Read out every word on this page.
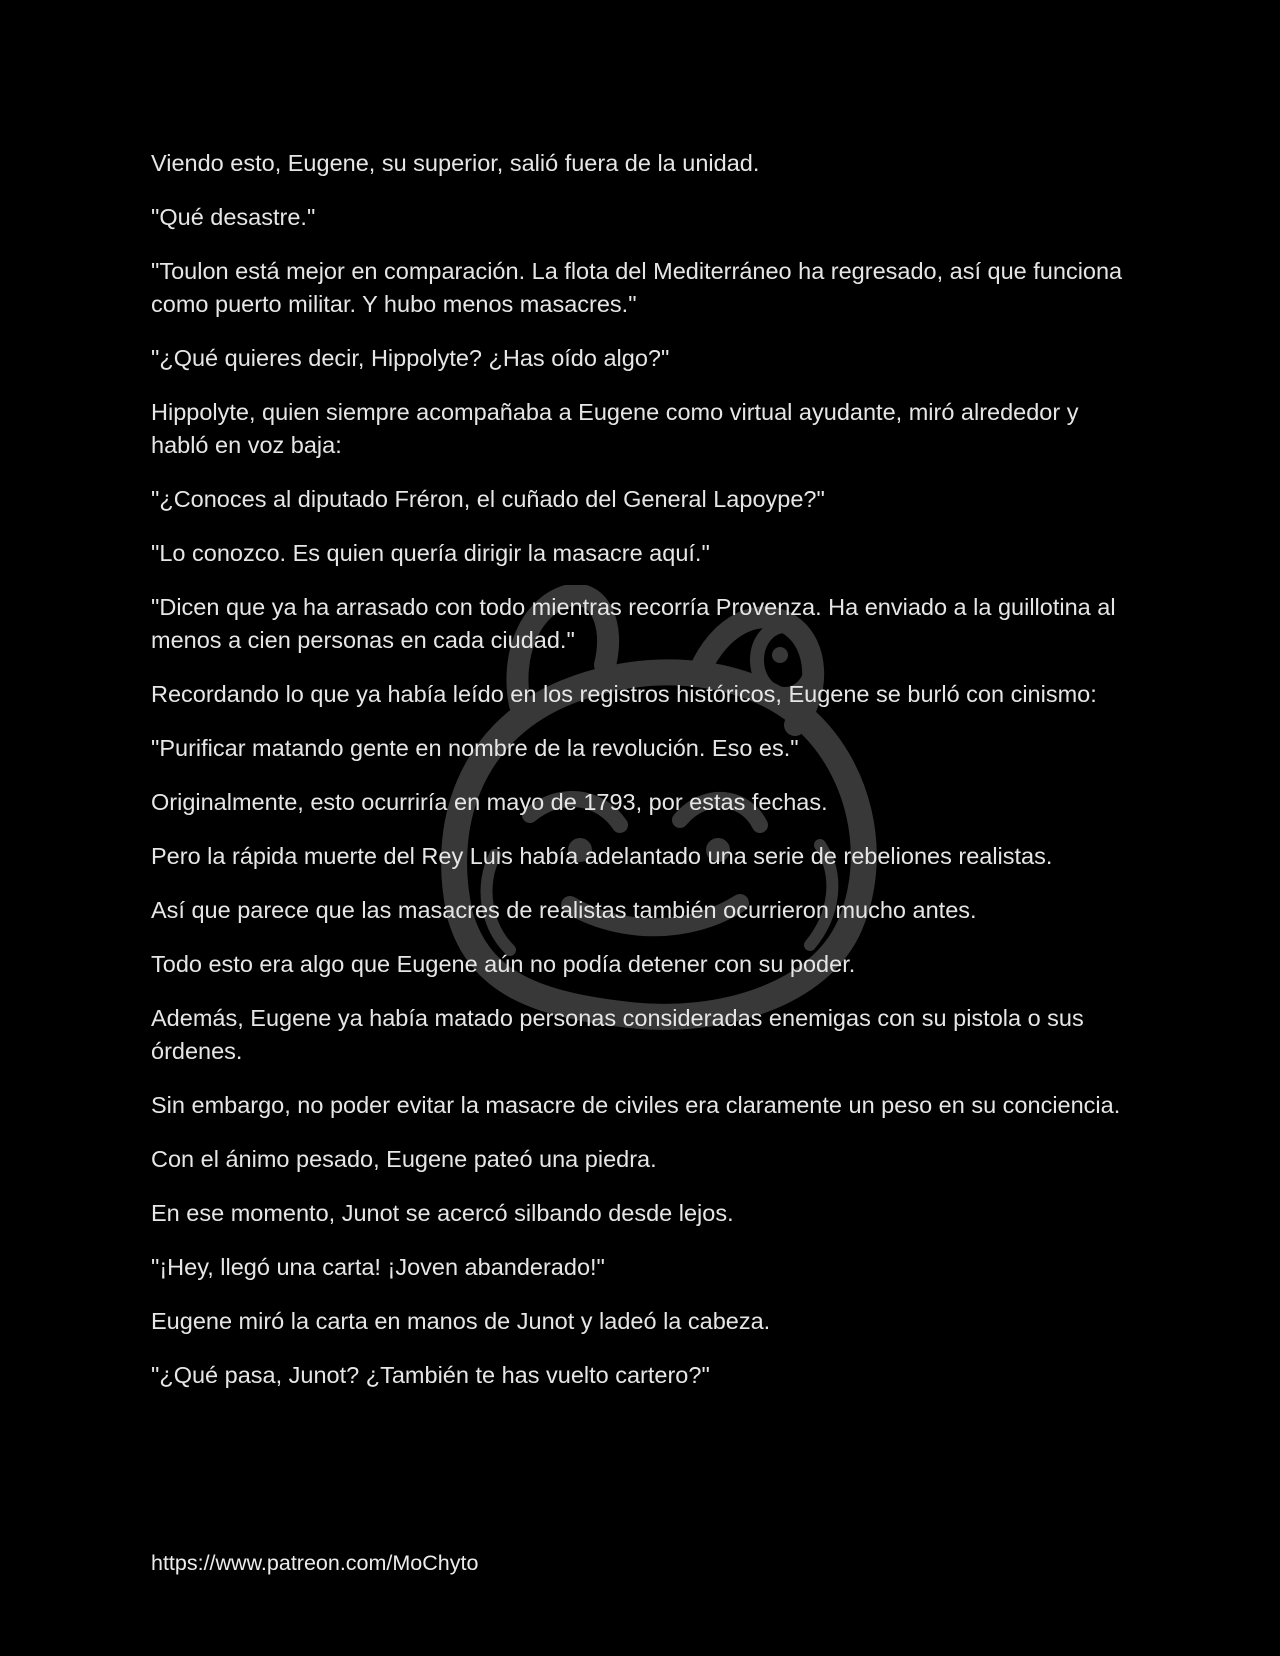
Viendo esto, Eugene, su superior, salió fuera de la unidad.

"Qué desastre."

"Toulon está mejor en comparación. La flota del Mediterráneo ha regresado, así que funciona como puerto militar. Y hubo menos masacres."

"¿Qué quieres decir, Hippolyte? ¿Has oído algo?"

Hippolyte, quien siempre acompañaba a Eugene como virtual ayudante, miró alrededor y habló en voz baja:

"¿Conoces al diputado Fréron, el cuñado del General Lapoype?"

"Lo conozco. Es quien quería dirigir la masacre aquí."

"Dicen que ya ha arrasado con todo mientras recorría Provenza. Ha enviado a la guillotina al menos a cien personas en cada ciudad."

Recordando lo que ya había leído en los registros históricos, Eugene se burló con cinismo:

"Purificar matando gente en nombre de la revolución. Eso es."

Originalmente, esto ocurriría en mayo de 1793, por estas fechas.

Pero la rápida muerte del Rey Luis había adelantado una serie de rebeliones realistas.

Así que parece que las masacres de realistas también ocurrieron mucho antes.

Todo esto era algo que Eugene aún no podía detener con su poder.

Además, Eugene ya había matado personas consideradas enemigas con su pistola o sus órdenes.

Sin embargo, no poder evitar la masacre de civiles era claramente un peso en su conciencia.

Con el ánimo pesado, Eugene pateó una piedra.

En ese momento, Junot se acercó silbando desde lejos.

"¡Hey, llegó una carta! ¡Joven abanderado!"

Eugene miró la carta en manos de Junot y ladeó la cabeza.

"¿Qué pasa, Junot? ¿También te has vuelto cartero?"

https://www.patreon.com/MoChyto
